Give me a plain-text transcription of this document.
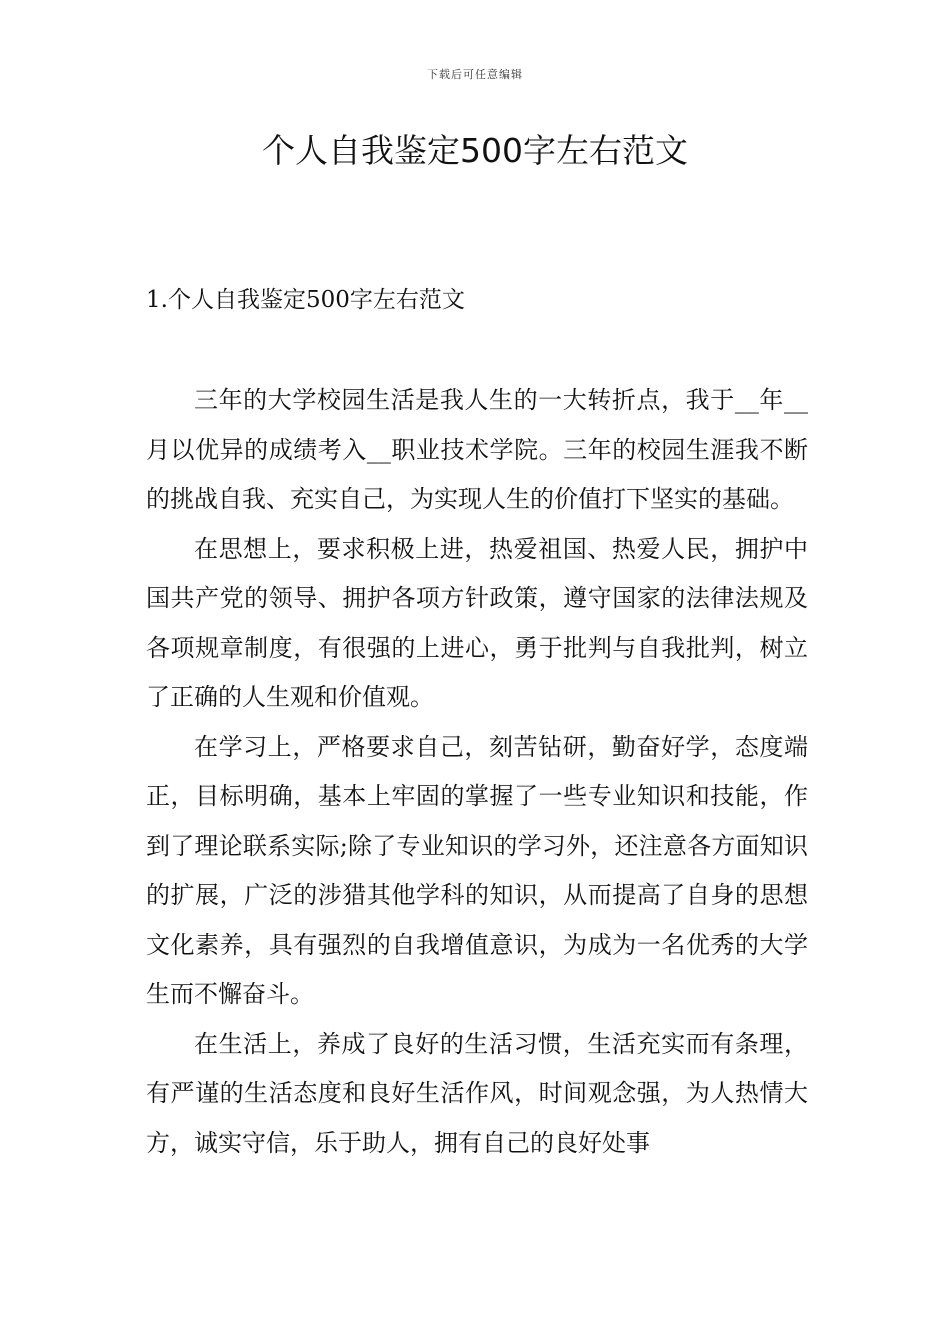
下载后可任意编辑
个人自我鉴定500字左右范文
1.个人自我鉴定500字左右范文

三年的大学校园生活是我人生的一大转折点，我于__年__月以优异的成绩考入__职业技术学院。三年的校园生涯我不断的挑战自我、充实自己，为实现人生的价值打下坚实的基础。

在思想上，要求积极上进，热爱祖国、热爱人民，拥护中国共产党的领导、拥护各项方针政策，遵守国家的法律法规及各项规章制度，有很强的上进心，勇于批判与自我批判，树立了正确的人生观和价值观。

在学习上，严格要求自己，刻苦钻研，勤奋好学，态度端正，目标明确，基本上牢固的掌握了一些专业知识和技能，作到了理论联系实际;除了专业知识的学习外，还注意各方面知识的扩展，广泛的涉猎其他学科的知识，从而提高了自身的思想文化素养，具有强烈的自我增值意识，为成为一名优秀的大学生而不懈奋斗。

在生活上，养成了良好的生活习惯，生活充实而有条理，有严谨的生活态度和良好生活作风，时间观念强，为人热情大方，诚实守信，乐于助人，拥有自己的良好处事
